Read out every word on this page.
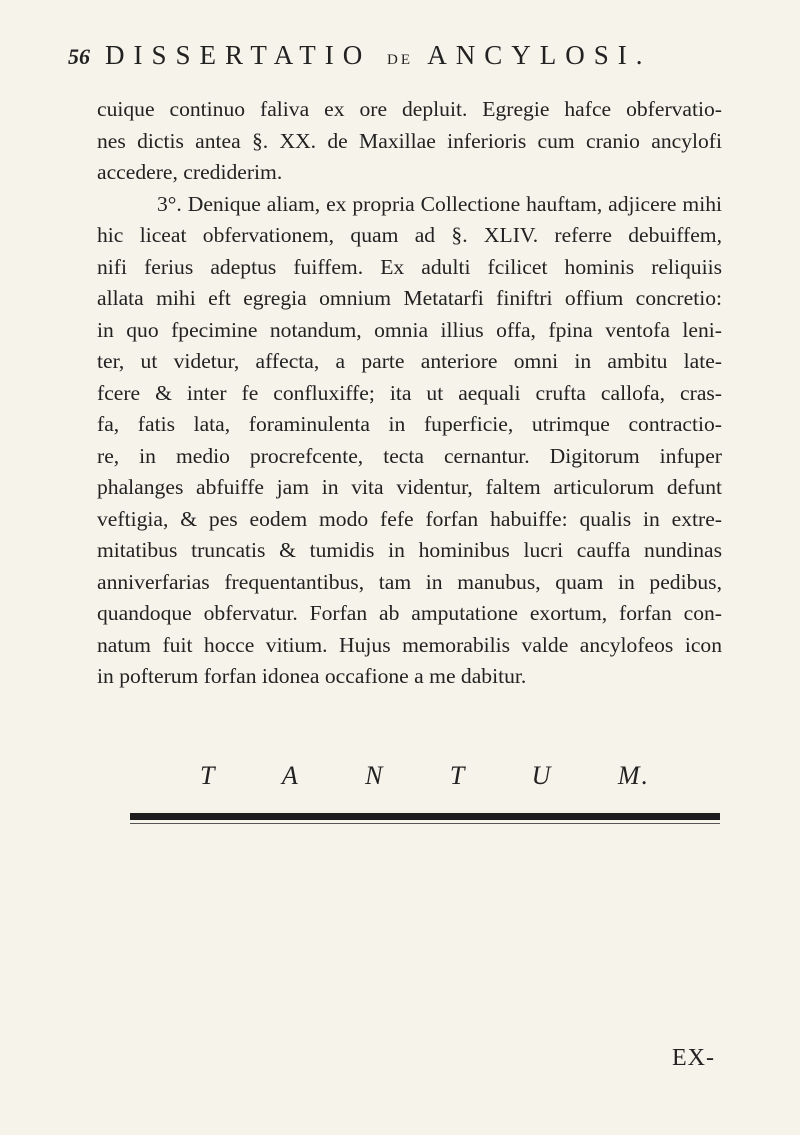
56 DISSERTATIO DE ANCYLOSI.
cuique continuo faliva ex ore depluit. Egregie hafce obfervatio-
nes dictis antea §. XX. de Maxillae inferioris cum cranio ancylofi
accedere, crediderim.
3°. Denique aliam, ex propria Collectione hauftam, adjicere mihi
hic liceat obfervationem, quam ad §. XLIV. referre debuiffem,
nifi ferius adeptus fuiffem. Ex adulti fcilicet hominis reliquiis
allata mihi eft egregia omnium Metatarfi finiftri offium concretio:
in quo fpecimine notandum, omnia illius offa, fpina ventofa leni-
ter, ut videtur, affecta, a parte anteriore omni in ambitu late-
fcere & inter fe confluxiffe; ita ut aequali crufta callofa, cras-
fa, fatis lata, foraminulenta in fuperficie, utrimque contractio-
re, in medio procrefcente, tecta cernantur. Digitorum infuper
phalanges abfuiffe jam in vita videntur, faltem articulorum defunt
veftigia, & pes eodem modo fefe forfan habuiffe: qualis in extre-
mitatibus truncatis & tumidis in hominibus lucri cauffa nundinas
anniverfarias frequentantibus, tam in manubus, quam in pedibus,
quandoque obfervatur. Forfan ab amputatione exortum, forfan con-
natum fuit hocce vitium. Hujus memorabilis valde ancylofeos icon
in pofterum forfan idonea occafione a me dabitur.
T	A	N	T	U	M.
EX-
